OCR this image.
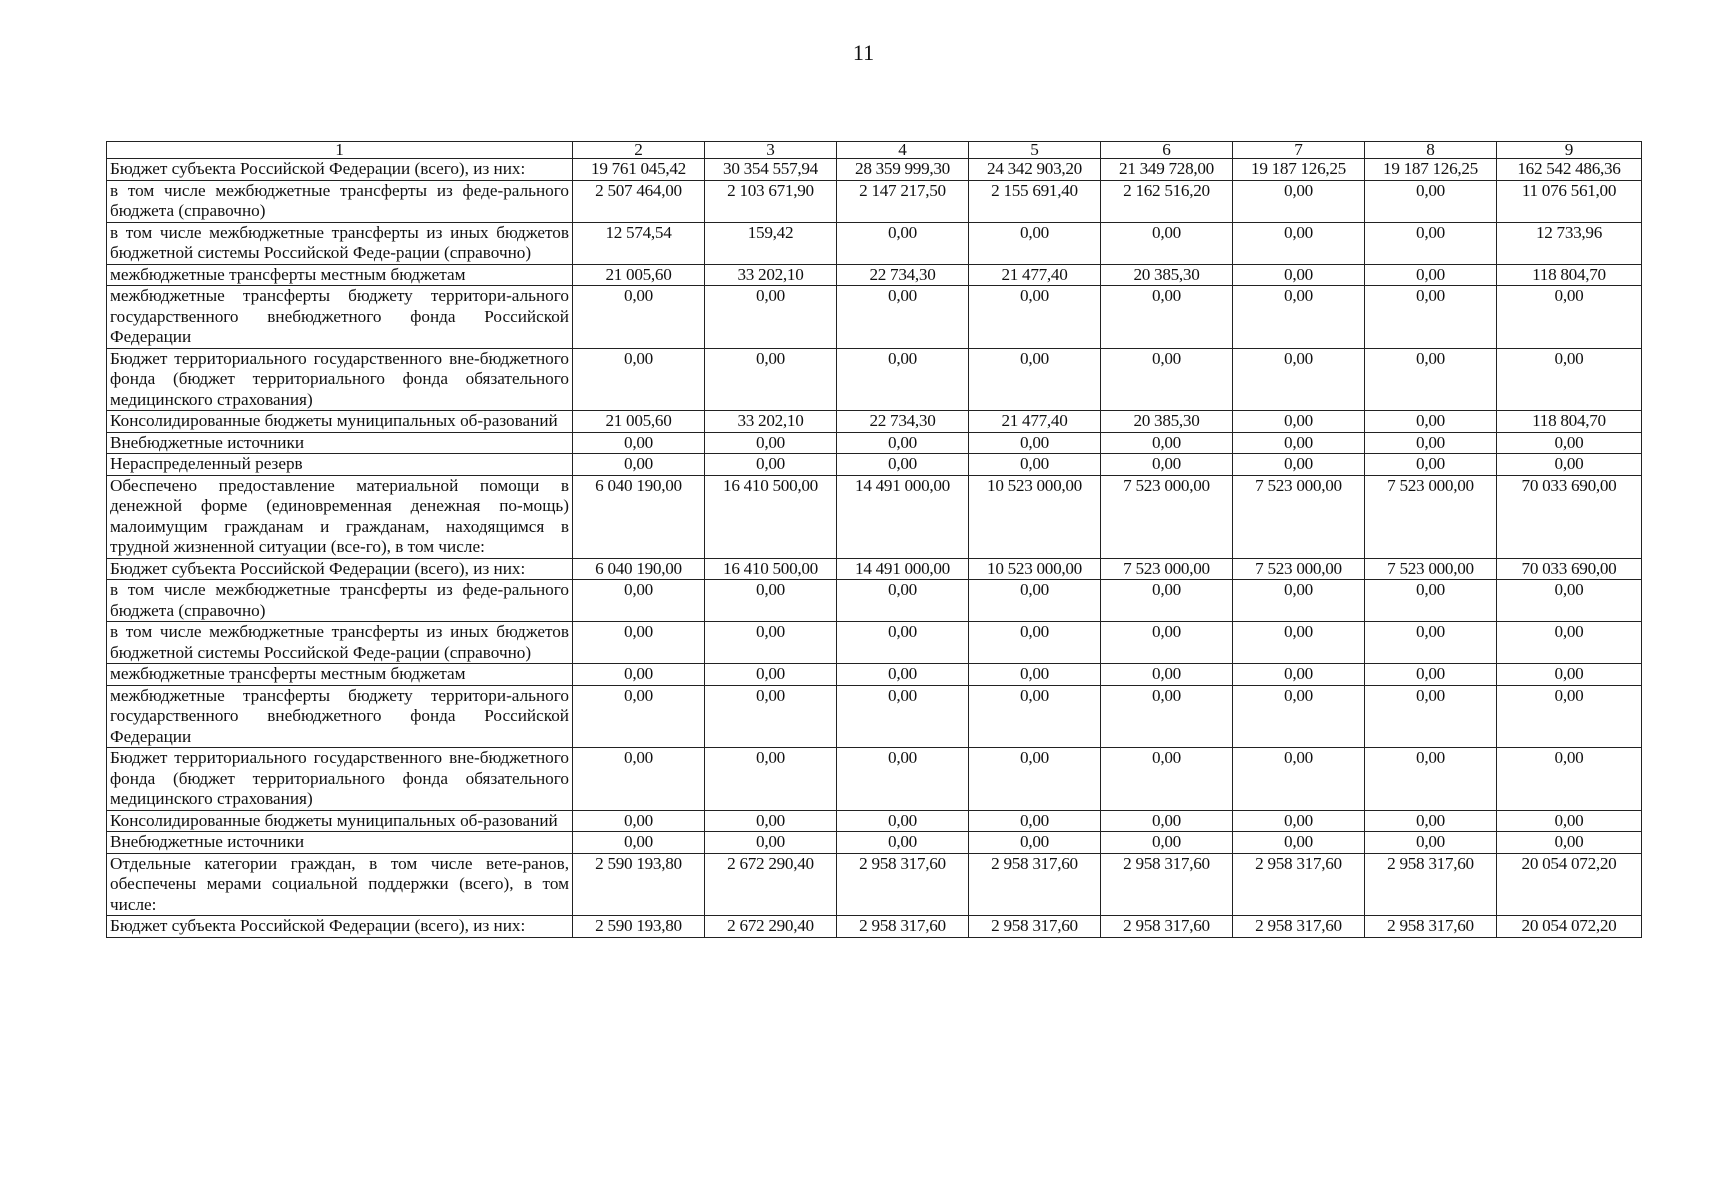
11
1	2	3	4	5	6	7	8	9
Бюджет субъекта Российской Федерации (всего), из них:	19 761 045,42	30 354 557,94	28 359 999,30	24 342 903,20	21 349 728,00	19 187 126,25	19 187 126,25	162 542 486,36
в том числе межбюджетные трансферты из феде-рального бюджета (справочно)	2 507 464,00	2 103 671,90	2 147 217,50	2 155 691,40	2 162 516,20	0,00	0,00	11 076 561,00
в том числе межбюджетные трансферты из иных бюджетов бюджетной системы Российской Феде-рации (справочно)	12 574,54	159,42	0,00	0,00	0,00	0,00	0,00	12 733,96
межбюджетные трансферты местным бюджетам	21 005,60	33 202,10	22 734,30	21 477,40	20 385,30	0,00	0,00	118 804,70
межбюджетные трансферты бюджету территори-ального государственного внебюджетного фонда Российской Федерации	0,00	0,00	0,00	0,00	0,00	0,00	0,00	0,00
Бюджет территориального государственного вне-бюджетного фонда (бюджет территориального фонда обязательного медицинского страхования)	0,00	0,00	0,00	0,00	0,00	0,00	0,00	0,00
Консолидированные бюджеты муниципальных об-разований	21 005,60	33 202,10	22 734,30	21 477,40	20 385,30	0,00	0,00	118 804,70
Внебюджетные источники	0,00	0,00	0,00	0,00	0,00	0,00	0,00	0,00
Нераспределенный резерв	0,00	0,00	0,00	0,00	0,00	0,00	0,00	0,00
Обеспечено предоставление материальной помощи в денежной форме (единовременная денежная по-мощь) малоимущим гражданам и гражданам, находящимся в трудной жизненной ситуации (все-го), в том числе:	6 040 190,00	16 410 500,00	14 491 000,00	10 523 000,00	7 523 000,00	7 523 000,00	7 523 000,00	70 033 690,00
Бюджет субъекта Российской Федерации (всего), из них:	6 040 190,00	16 410 500,00	14 491 000,00	10 523 000,00	7 523 000,00	7 523 000,00	7 523 000,00	70 033 690,00
в том числе межбюджетные трансферты из феде-рального бюджета (справочно)	0,00	0,00	0,00	0,00	0,00	0,00	0,00	0,00
в том числе межбюджетные трансферты из иных бюджетов бюджетной системы Российской Феде-рации (справочно)	0,00	0,00	0,00	0,00	0,00	0,00	0,00	0,00
межбюджетные трансферты местным бюджетам	0,00	0,00	0,00	0,00	0,00	0,00	0,00	0,00
межбюджетные трансферты бюджету территори-ального государственного внебюджетного фонда Российской Федерации	0,00	0,00	0,00	0,00	0,00	0,00	0,00	0,00
Бюджет территориального государственного вне-бюджетного фонда (бюджет территориального фонда обязательного медицинского страхования)	0,00	0,00	0,00	0,00	0,00	0,00	0,00	0,00
Консолидированные бюджеты муниципальных об-разований	0,00	0,00	0,00	0,00	0,00	0,00	0,00	0,00
Внебюджетные источники	0,00	0,00	0,00	0,00	0,00	0,00	0,00	0,00
Отдельные категории граждан, в том числе вете-ранов, обеспечены мерами социальной поддержки (всего), в том числе:	2 590 193,80	2 672 290,40	2 958 317,60	2 958 317,60	2 958 317,60	2 958 317,60	2 958 317,60	20 054 072,20
Бюджет субъекта Российской Федерации (всего), из них:	2 590 193,80	2 672 290,40	2 958 317,60	2 958 317,60	2 958 317,60	2 958 317,60	2 958 317,60	20 054 072,20
